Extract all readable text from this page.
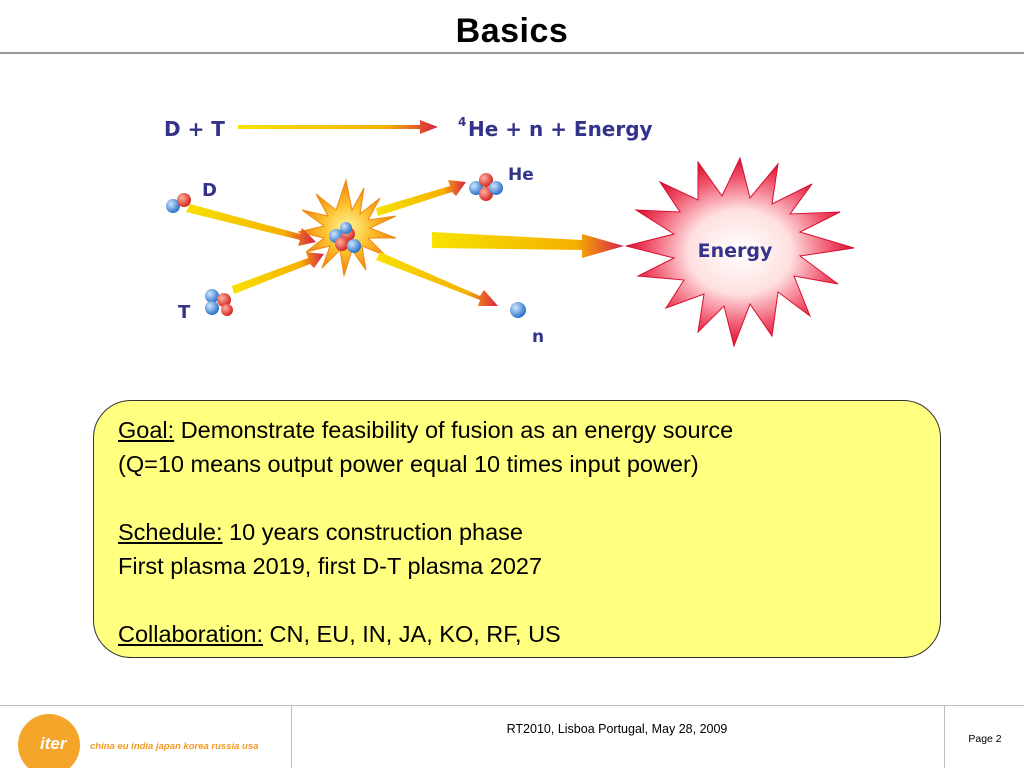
Basics
D + T	4 He + n + Energy
D
T
He
n
Energy
Goal: Demonstrate feasibility of fusion as an energy source
(Q=10 means output power equal 10 times input power)
Schedule: 10 years construction phase
First plasma 2019, first D-T plasma 2027
Collaboration: CN, EU, IN, JA, KO, RF, US
iter china eu india japan korea russia usa
RT2010, Lisboa Portugal, May 28, 2009
Page 2
